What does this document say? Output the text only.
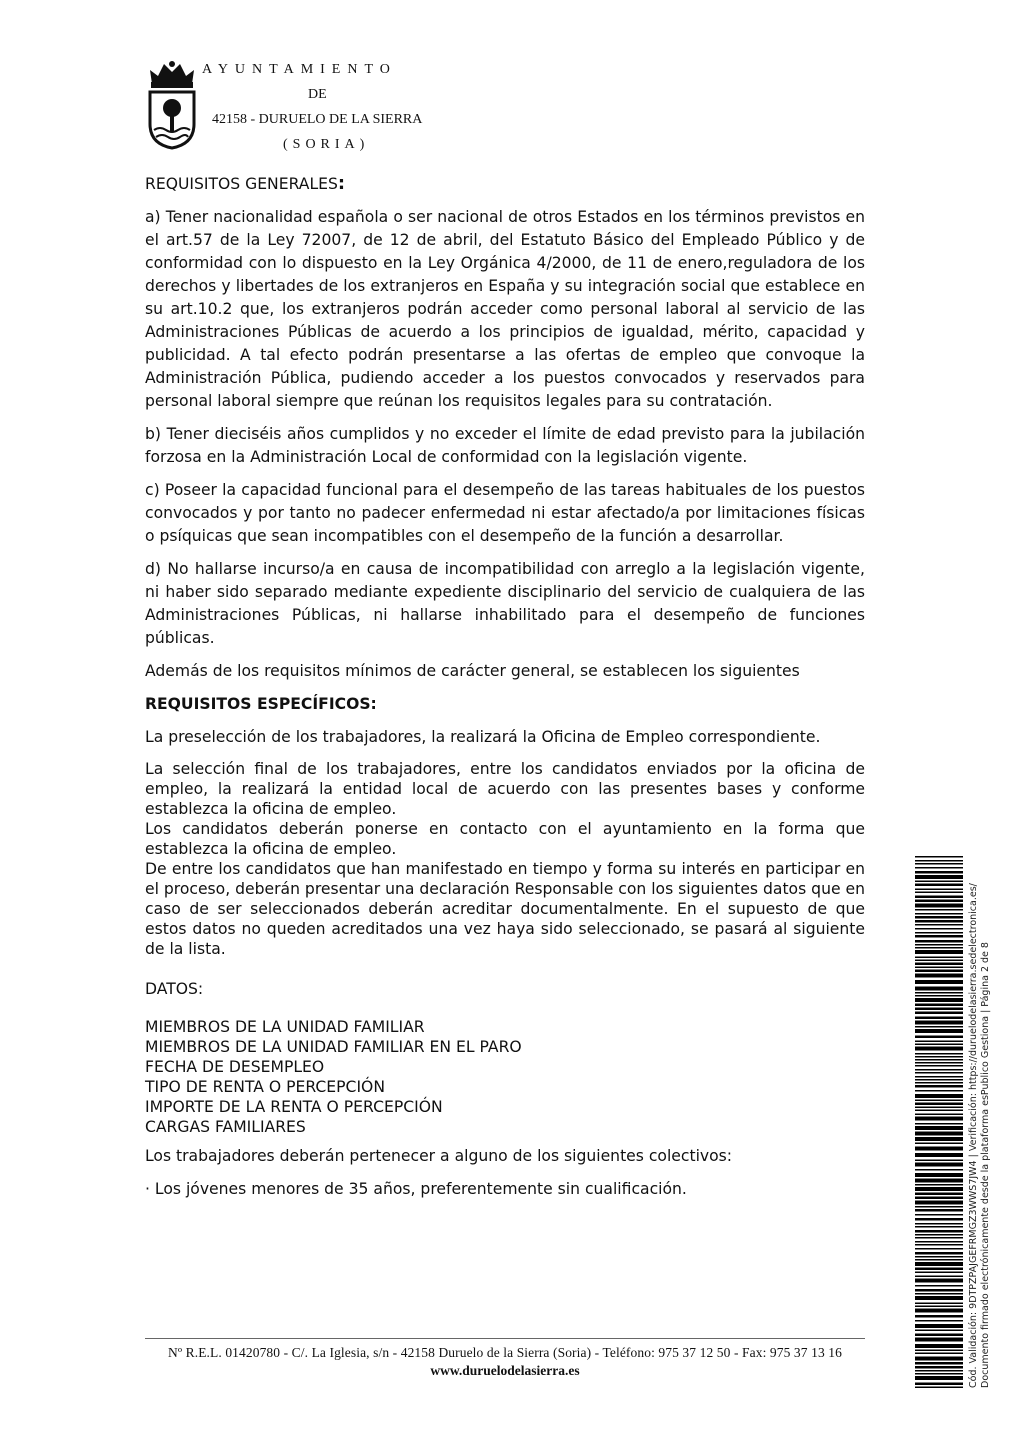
AYUNTAMIENTO
DE
42158 - DURUELO DE LA SIERRA
(SORIA)

REQUISITOS GENERALES:

a) Tener nacionalidad española o ser nacional de otros Estados en los términos previstos en el art.57 de la Ley 72007, de 12 de abril, del Estatuto Básico del Empleado Público y de conformidad con lo dispuesto en la Ley Orgánica 4/2000, de 11 de enero,reguladora de los derechos y libertades de los extranjeros en España y su integración social que establece en su art.10.2 que, los extranjeros podrán acceder como personal laboral al servicio de las Administraciones Públicas de acuerdo a los principios de igualdad, mérito, capacidad y publicidad. A tal efecto podrán presentarse a las ofertas de empleo que convoque la Administración Pública, pudiendo acceder a los puestos convocados y reservados para personal laboral siempre que reúnan los requisitos legales para su contratación.

b) Tener dieciséis años cumplidos y no exceder el límite de edad previsto para la jubilación forzosa en la Administración Local de conformidad con la legislación vigente.

c) Poseer la capacidad funcional para el desempeño de las tareas habituales de los puestos convocados y por tanto no padecer enfermedad ni estar afectado/a por limitaciones físicas o psíquicas que sean incompatibles con el desempeño de la función a desarrollar.

d) No hallarse incurso/a en causa de incompatibilidad con arreglo a la legislación vigente, ni haber sido separado mediante expediente disciplinario del servicio de cualquiera de las Administraciones Públicas, ni hallarse inhabilitado para el desempeño de funciones públicas.

Además de los requisitos mínimos de carácter general, se establecen los siguientes

REQUISITOS ESPECÍFICOS:

La preselección de los trabajadores, la realizará la Oficina de Empleo correspondiente.

La selección final de los trabajadores, entre los candidatos enviados por la oficina de empleo, la realizará la entidad local de acuerdo con las presentes bases y conforme establezca la oficina de empleo.

Los candidatos deberán ponerse en contacto con el ayuntamiento en la forma que establezca la oficina de empleo.

De entre los candidatos que han manifestado en tiempo y forma su interés en participar en el proceso, deberán presentar una declaración Responsable con los siguientes datos que en caso de ser seleccionados deberán acreditar documentalmente. En el supuesto de que estos datos no queden acreditados una vez haya sido seleccionado, se pasará al siguiente de la lista.

DATOS:

MIEMBROS DE LA UNIDAD FAMILIAR

MIEMBROS DE LA UNIDAD FAMILIAR EN EL PARO

FECHA DE DESEMPLEO

TIPO DE RENTA O PERCEPCIÓN

IMPORTE DE LA RENTA O PERCEPCIÓN

CARGAS FAMILIARES

Los trabajadores deberán pertenecer a alguno de los siguientes colectivos:

· Los jóvenes menores de 35 años, preferentemente sin cualificación.

Nº R.E.L. 01420780 - C/. La Iglesia, s/n - 42158 Duruelo de la Sierra (Soria) - Teléfono: 975 37 12 50 - Fax: 975 37 13 16
www.duruelodelasierra.es	Cód. Validación: 9DTPZPAJGEFRMGZ3WWS7JW4 | Verificación: https://duruelodelasierra.sedelectronica.es/ Documento firmado electrónicamente desde la plataforma esPublico Gestiona | Página 2 de 8
